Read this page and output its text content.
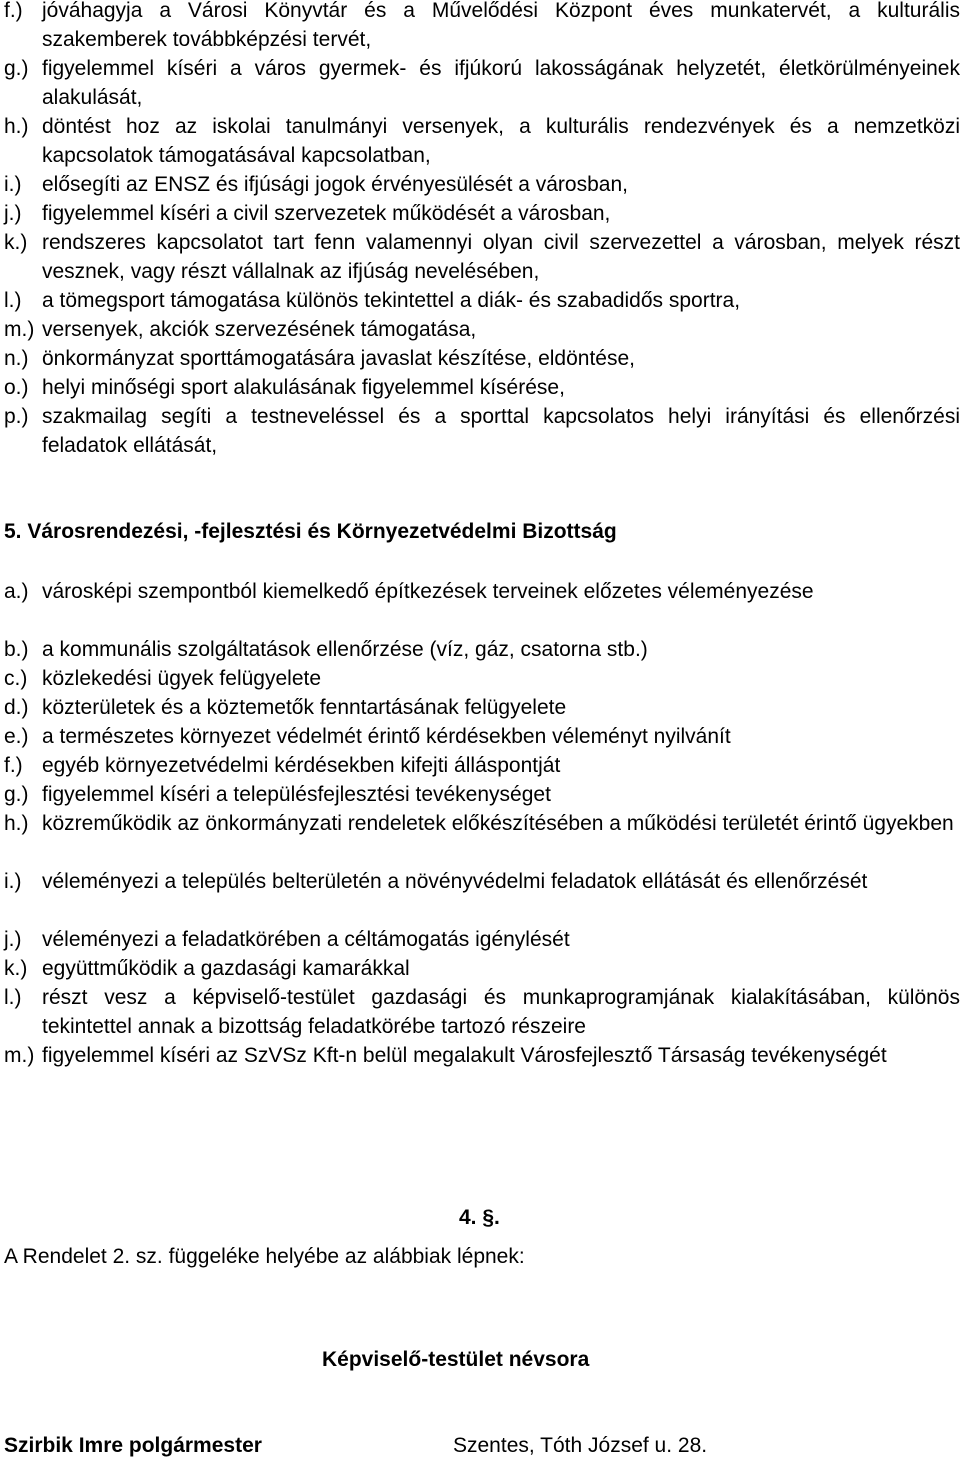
f.) jóváhagyja a Városi Könyvtár és a Művelődési Központ éves munkatervét, a kulturális szakemberek továbbképzési tervét,
g.) figyelemmel kíséri a város gyermek- és ifjúkorú lakosságának helyzetét, életkörülményeinek alakulását,
h.) döntést hoz az iskolai tanulmányi versenyek, a kulturális rendezvények és a nemzetközi kapcsolatok támogatásával kapcsolatban,
i.) elősegíti az ENSZ és ifjúsági jogok érvényesülését a városban,
j.) figyelemmel kíséri a civil szervezetek működését a városban,
k.) rendszeres kapcsolatot tart fenn valamennyi olyan civil szervezettel a városban, melyek részt vesznek, vagy részt vállalnak az ifjúság nevelésében,
l.) a tömegsport támogatása különös tekintettel a diák- és szabadidős sportra,
m.) versenyek, akciók szervezésének támogatása,
n.) önkormányzat sporttámogatására javaslat készítése, eldöntése,
o.) helyi minőségi sport alakulásának figyelemmel kísérése,
p.) szakmailag segíti a testneveléssel és a sporttal kapcsolatos helyi irányítási és ellenőrzési feladatok ellátását,
5. Városrendezési, -fejlesztési és Környezetvédelmi Bizottság
a.) városképi szempontból kiemelkedő építkezések terveinek előzetes véleményezése
b.) a kommunális szolgáltatások ellenőrzése (víz, gáz, csatorna stb.)
c.) közlekedési ügyek felügyelete
d.) közterületek és a köztemetők fenntartásának felügyelete
e.) a természetes környezet védelmét érintő kérdésekben véleményt nyilvánít
f.) egyéb környezetvédelmi kérdésekben kifejti álláspontját
g.) figyelemmel kíséri a településfejlesztési tevékenységet
h.) közreműködik az önkormányzati rendeletek előkészítésében a működési területét érintő ügyekben
i.) véleményezi a település belterületén a növényvédelmi feladatok ellátását és ellenőrzését
j.) véleményezi a feladatkörében a céltámogatás igénylését
k.) együttműködik a gazdasági kamarákkal
l.) részt vesz a képviselő-testület gazdasági és munkaprogramjának kialakításában, különös tekintettel annak a bizottság feladatkörébe tartozó részeire
m.) figyelemmel kíséri az SzVSz Kft-n belül megalakult Városfejlesztő Társaság tevékenységét
4. §.
A Rendelet 2. sz. függeléke helyébe az alábbiak lépnek:
Képviselő-testület névsora
Szirbik Imre polgármester	Szentes, Tóth József u. 28.
